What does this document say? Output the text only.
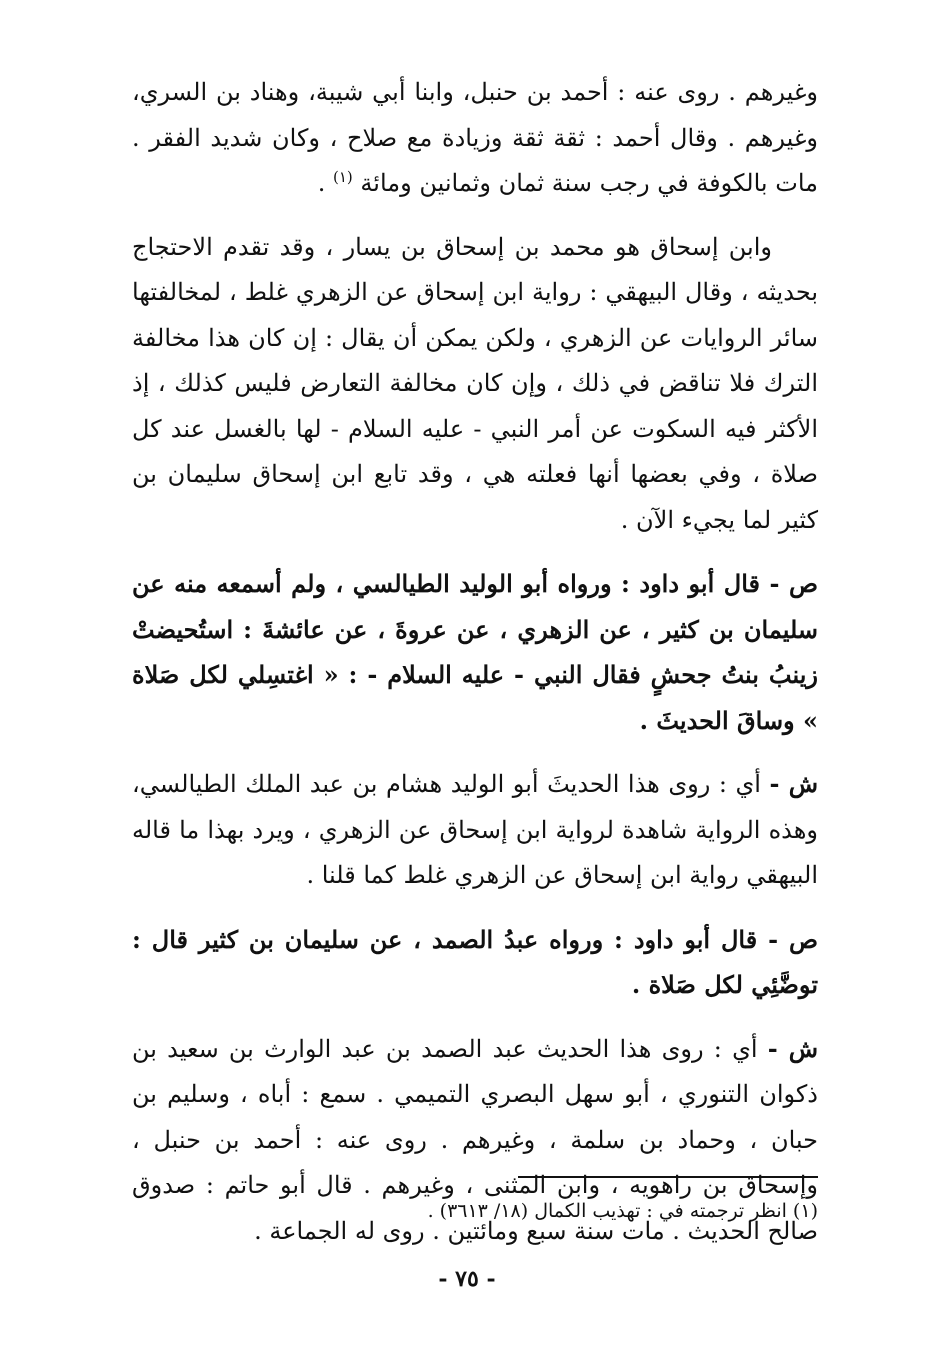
وغيرهم . روى عنه : أحمد بن حنبل، وابنا أبي شيبة، وهناد بن السري، وغيرهم . وقال أحمد : ثقة ثقة وزيادة مع صلاح ، وكان شديد الفقر . مات بالكوفة في رجب سنة ثمان وثمانين ومائة $^{(١)}$ .

وابن إسحاق هو محمد بن إسحاق بن يسار ، وقد تقدم الاحتجاج بحديثه ، وقال البيهقي : رواية ابن إسحاق عن الزهري غلط ، لمخالفتها سائر الروايات عن الزهري ، ولكن يمكن أن يقال : إن كان هذا مخالفة الترك فلا تناقض في ذلك ، وإن كان مخالفة التعارض فليس كذلك ، إذ الأكثر فيه السكوت عن أمر النبي - عليه السلام - لها بالغسل عند كل صلاة ، وفي بعضها أنها فعلته هي ، وقد تابع ابن إسحاق سليمان بن كثير لما يجيء الآن .

ص - قال أبو داود : ورواه أبو الوليد الطيالسي ، ولم أسمعه منه عن سليمان بن كثير ، عن الزهري ، عن عروةَ ، عن عائشةَ : استُحيضتْ زينبُ بنتُ جحشٍ فقال النبي - عليه السلام - : « اغتسِلي لكل صَلاة » وساقَ الحديثَ .

ش - أي : روى هذا الحديثَ أبو الوليد هشام بن عبد الملك الطيالسي، وهذه الرواية شاهدة لرواية ابن إسحاق عن الزهري ، ويرد بهذا ما قاله البيهقي رواية ابن إسحاق عن الزهري غلط كما قلنا .

ص - قال أبو داود : ورواه عبدُ الصمد ، عن سليمان بن كثير قال : توضَّئِي لكل صَلاة .

ش - أي : روى هذا الحديث عبد الصمد بن عبد الوارث بن سعيد بن ذكوان التنوري ، أبو سهل البصري التميمي . سمع : أباه ، وسليم بن حبان ، وحماد بن سلمة ، وغيرهم . روى عنه : أحمد بن حنبل ، وإسحاق بن راهويه ، وابن المثنى ، وغيرهم . قال أبو حاتم : صدوق صالح الحديث . مات سنة سبع ومائتين . روى له الجماعة .

(١) انظر ترجمته في : تهذيب الكمال (١٨/ ٣٦١٣) .
- ٧٥ -
